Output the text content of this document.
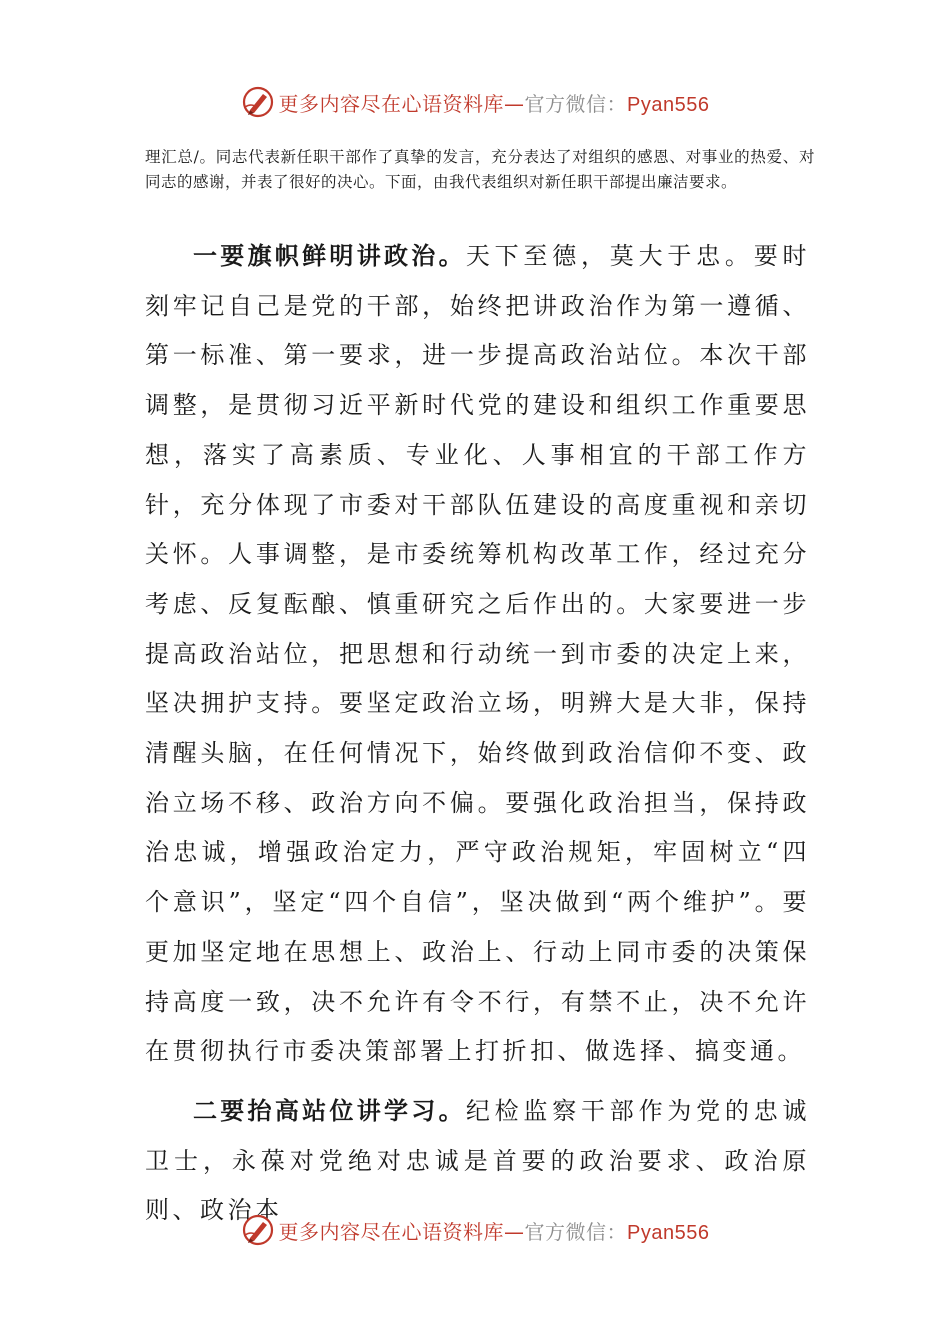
更多内容尽在心语资料库—官方微信：Pyan556

理汇总/。同志代表新任职干部作了真挚的发言，充分表达了对组织的感恩、对事业的热爱、对同志的感谢，并表了很好的决心。下面，由我代表组织对新任职干部提出廉洁要求。

一要旗帜鲜明讲政治。天下至德，莫大于忠。要时刻牢记自己是党的干部，始终把讲政治作为第一遵循、第一标准、第一要求，进一步提高政治站位。本次干部调整，是贯彻习近平新时代党的建设和组织工作重要思想，落实了高素质、专业化、人事相宜的干部工作方针，充分体现了市委对干部队伍建设的高度重视和亲切关怀。人事调整，是市委统筹机构改革工作，经过充分考虑、反复酝酿、慎重研究之后作出的。大家要进一步提高政治站位，把思想和行动统一到市委的决定上来，坚决拥护支持。要坚定政治立场，明辨大是大非，保持清醒头脑，在任何情况下，始终做到政治信仰不变、政治立场不移、政治方向不偏。要强化政治担当，保持政治忠诚，增强政治定力，严守政治规矩，牢固树立“四个意识”，坚定“四个自信”，坚决做到“两个维护”。要更加坚定地在思想上、政治上、行动上同市委的决策保持高度一致，决不允许有令不行，有禁不止，决不允许在贯彻执行市委决策部署上打折扣、做选择、搞变通。

二要抬高站位讲学习。纪检监察干部作为党的忠诚卫士，永葆对党绝对忠诚是首要的政治要求、政治原则、政治本

更多内容尽在心语资料库—官方微信：Pyan556
